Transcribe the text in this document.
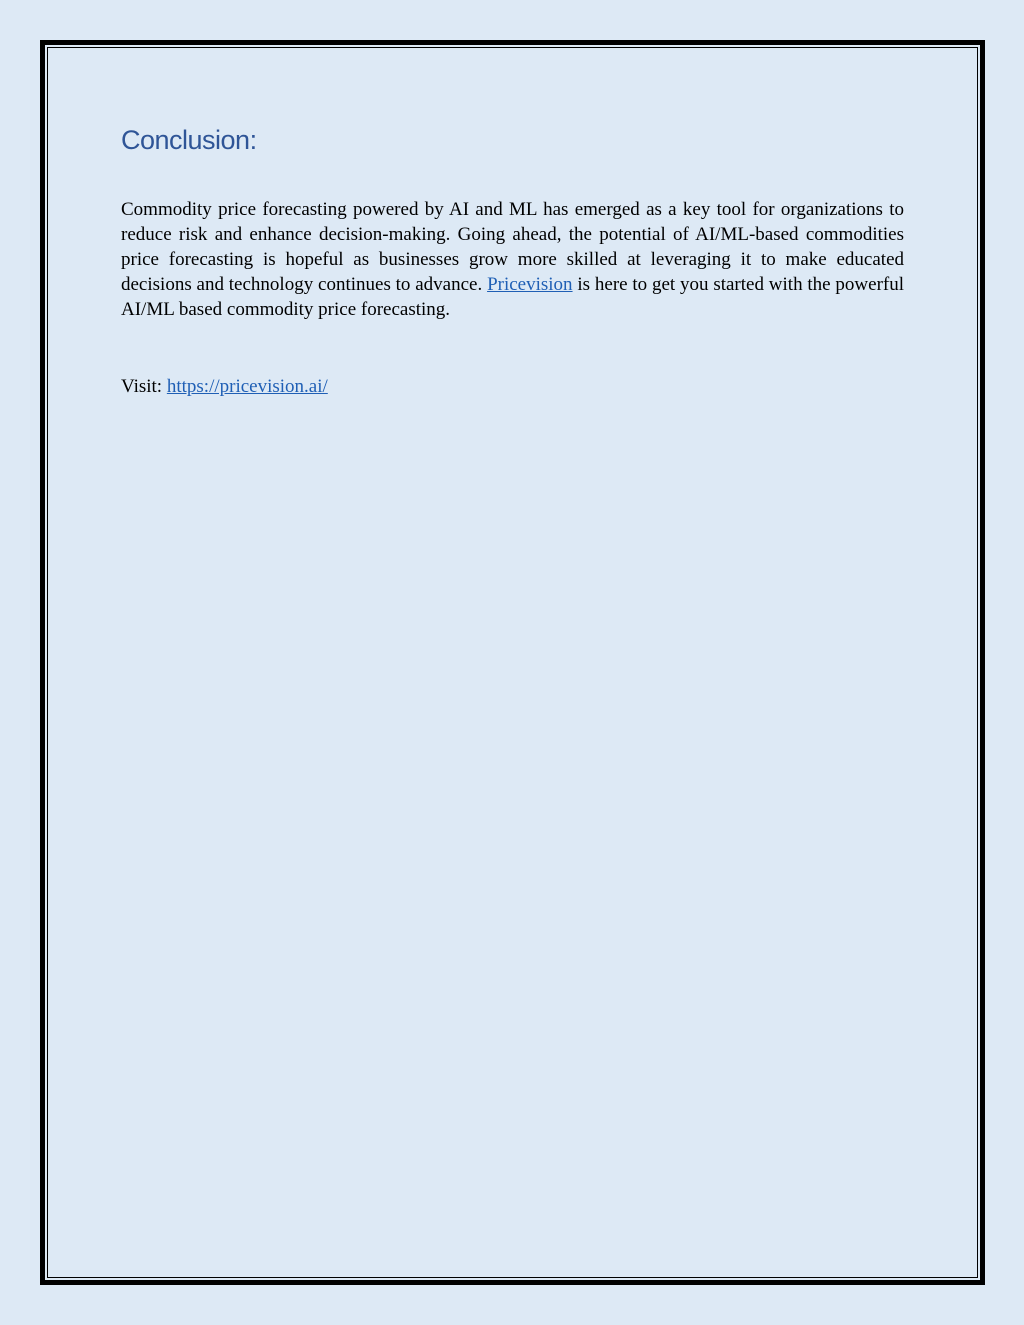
Conclusion:

Commodity price forecasting powered by AI and ML has emerged as a key tool for organizations to reduce risk and enhance decision-making. Going ahead, the potential of AI/ML-based commodities price forecasting is hopeful as businesses grow more skilled at leveraging it to make educated decisions and technology continues to advance. Pricevision is here to get you started with the powerful AI/ML based commodity price forecasting.

Visit: https://pricevision.ai/
